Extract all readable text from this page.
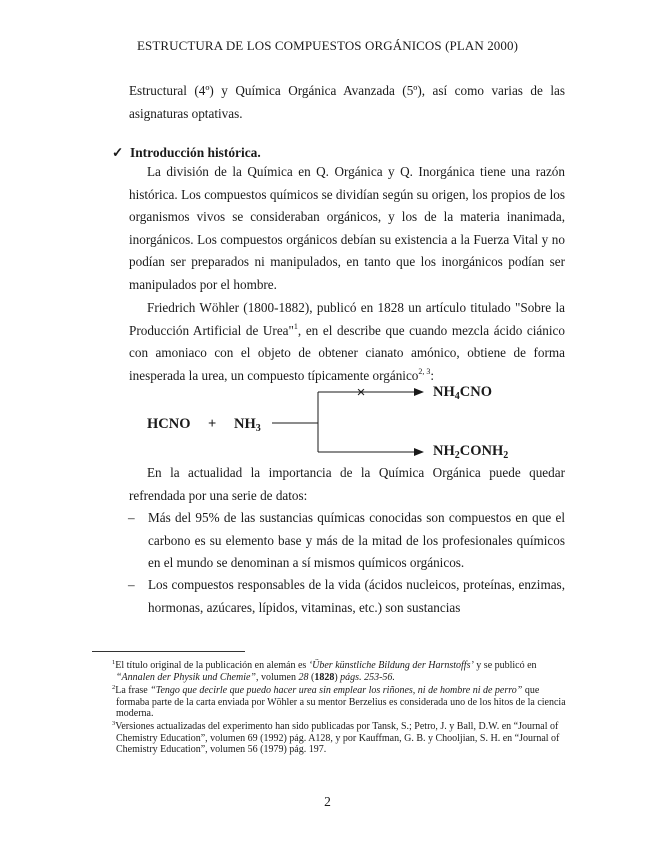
ESTRUCTURA DE LOS COMPUESTOS ORGÁNICOS (PLAN 2000)

Estructural (4º) y Química Orgánica Avanzada (5º), así como varias de las asignaturas optativas.

✓ Introducción histórica.

La división de la Química en Q. Orgánica y Q. Inorgánica tiene una razón histórica. Los compuestos químicos se dividían según su origen, los propios de los organismos vivos se consideraban orgánicos, y los de la materia inanimada, inorgánicos. Los compuestos orgánicos debían su existencia a la Fuerza Vital y no podían ser preparados ni manipulados, en tanto que los inorgánicos podían ser manipulados por el hombre.

Friedrich Wöhler (1800-1882), publicó en 1828 un artículo titulado "Sobre la Producción Artificial de Urea"$^1$, en el describe que cuando mezcla ácido ciánico con amoniaco con el objeto de obtener cianato amónico, obtiene de forma inesperada la urea, un compuesto típicamente orgánico$^{2, 3}$:

HCNO + $NH_3$
$NH_4CNO$
$NH_2CONH_2$
×

En la actualidad la importancia de la Química Orgánica puede quedar refrendada por una serie de datos:

– Más del 95% de las sustancias químicas conocidas son compuestos en que el carbono es su elemento base y más de la mitad de los profesionales químicos en el mundo se denominan a sí mismos químicos orgánicos.
– Los compuestos responsables de la vida (ácidos nucleicos, proteínas, enzimas, hormonas, azúcares, lípidos, vitaminas, etc.) son sustancias

$^1$El título original de la publicación en alemán es ‘Über künstliche Bildung der Harnstoffs’ y se publicó en “Annalen der Physik und Chemie”, volumen 28 (1828) págs. 253-56.

$^2$La frase “Tengo que decirle que puedo hacer urea sin emplear los riñones, ni de hombre ni de perro” que formaba parte de la carta enviada por Wöhler a su mentor Berzelius es considerada uno de los hitos de la ciencia moderna.

$^3$Versiones actualizadas del experimento han sido publicadas por Tansk, S.; Petro, J. y Ball, D.W. en “Journal of Chemistry Education”, volumen 69 (1992) pág. A128, y por Kauffman, G. B. y Chooljian, S. H. en “Journal of Chemistry Education”, volumen 56 (1979) pág. 197.

2
